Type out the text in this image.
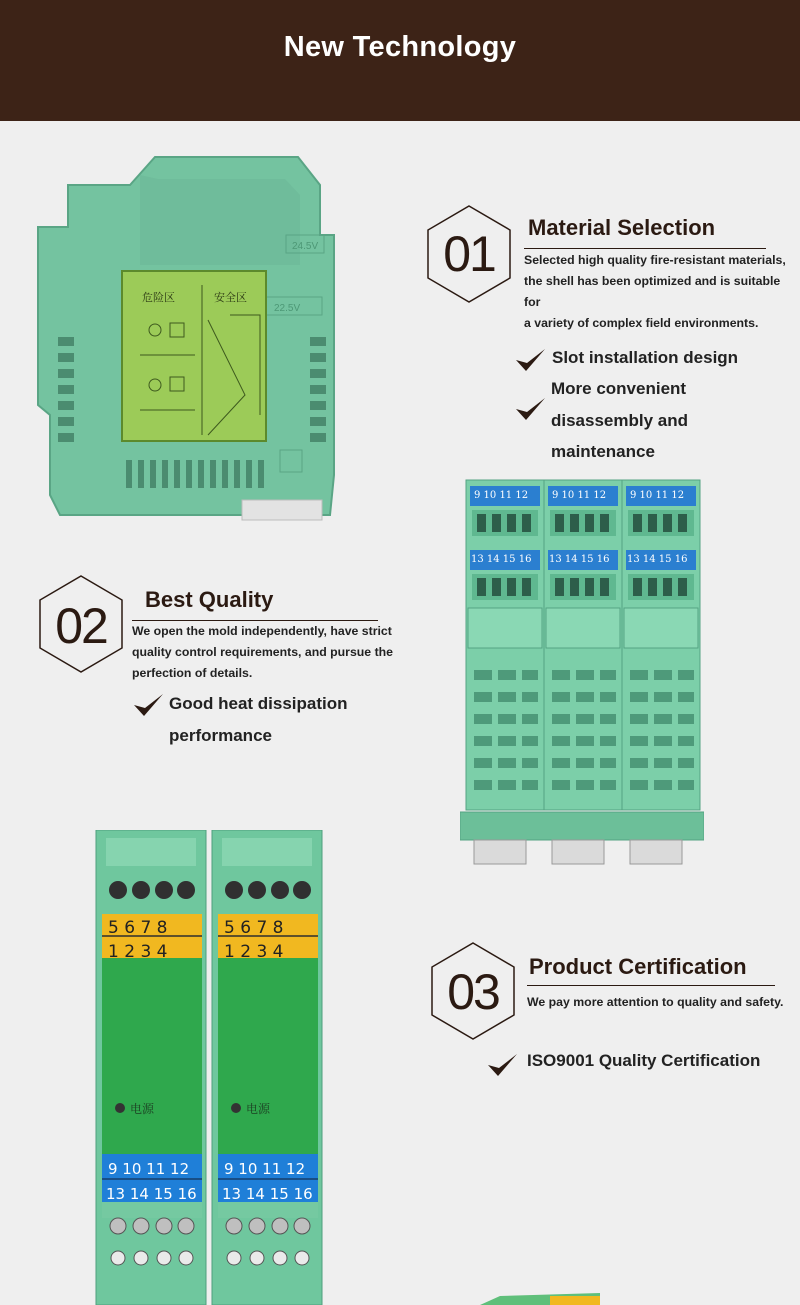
New Technology
24.5V
22.5V
危险区	安全区
01	Material Selection
Selected high quality fire-resistant materials,
the shell has been optimized and is suitable for
a variety of complex field environments.
Slot installation design
More convenient
disassembly and
maintenance
9 10 11 12 9 10 11 12 9 10 11 12
13 14 15 16 13 14 15 16 13 14 15 16
02	Best Quality
We open the mold independently, have strict
quality control requirements, and pursue the
perfection of details.
Good heat dissipation
performance
5 6 7 8
1 2 3 4
5 6 7 8
1 2 3 4
9 10 11 12
13 14 15 16
9 10 11 12
13 14 15 16
电源	电源
03	Product Certification
We pay more attention to quality and safety.
ISO9001 Quality Certification
